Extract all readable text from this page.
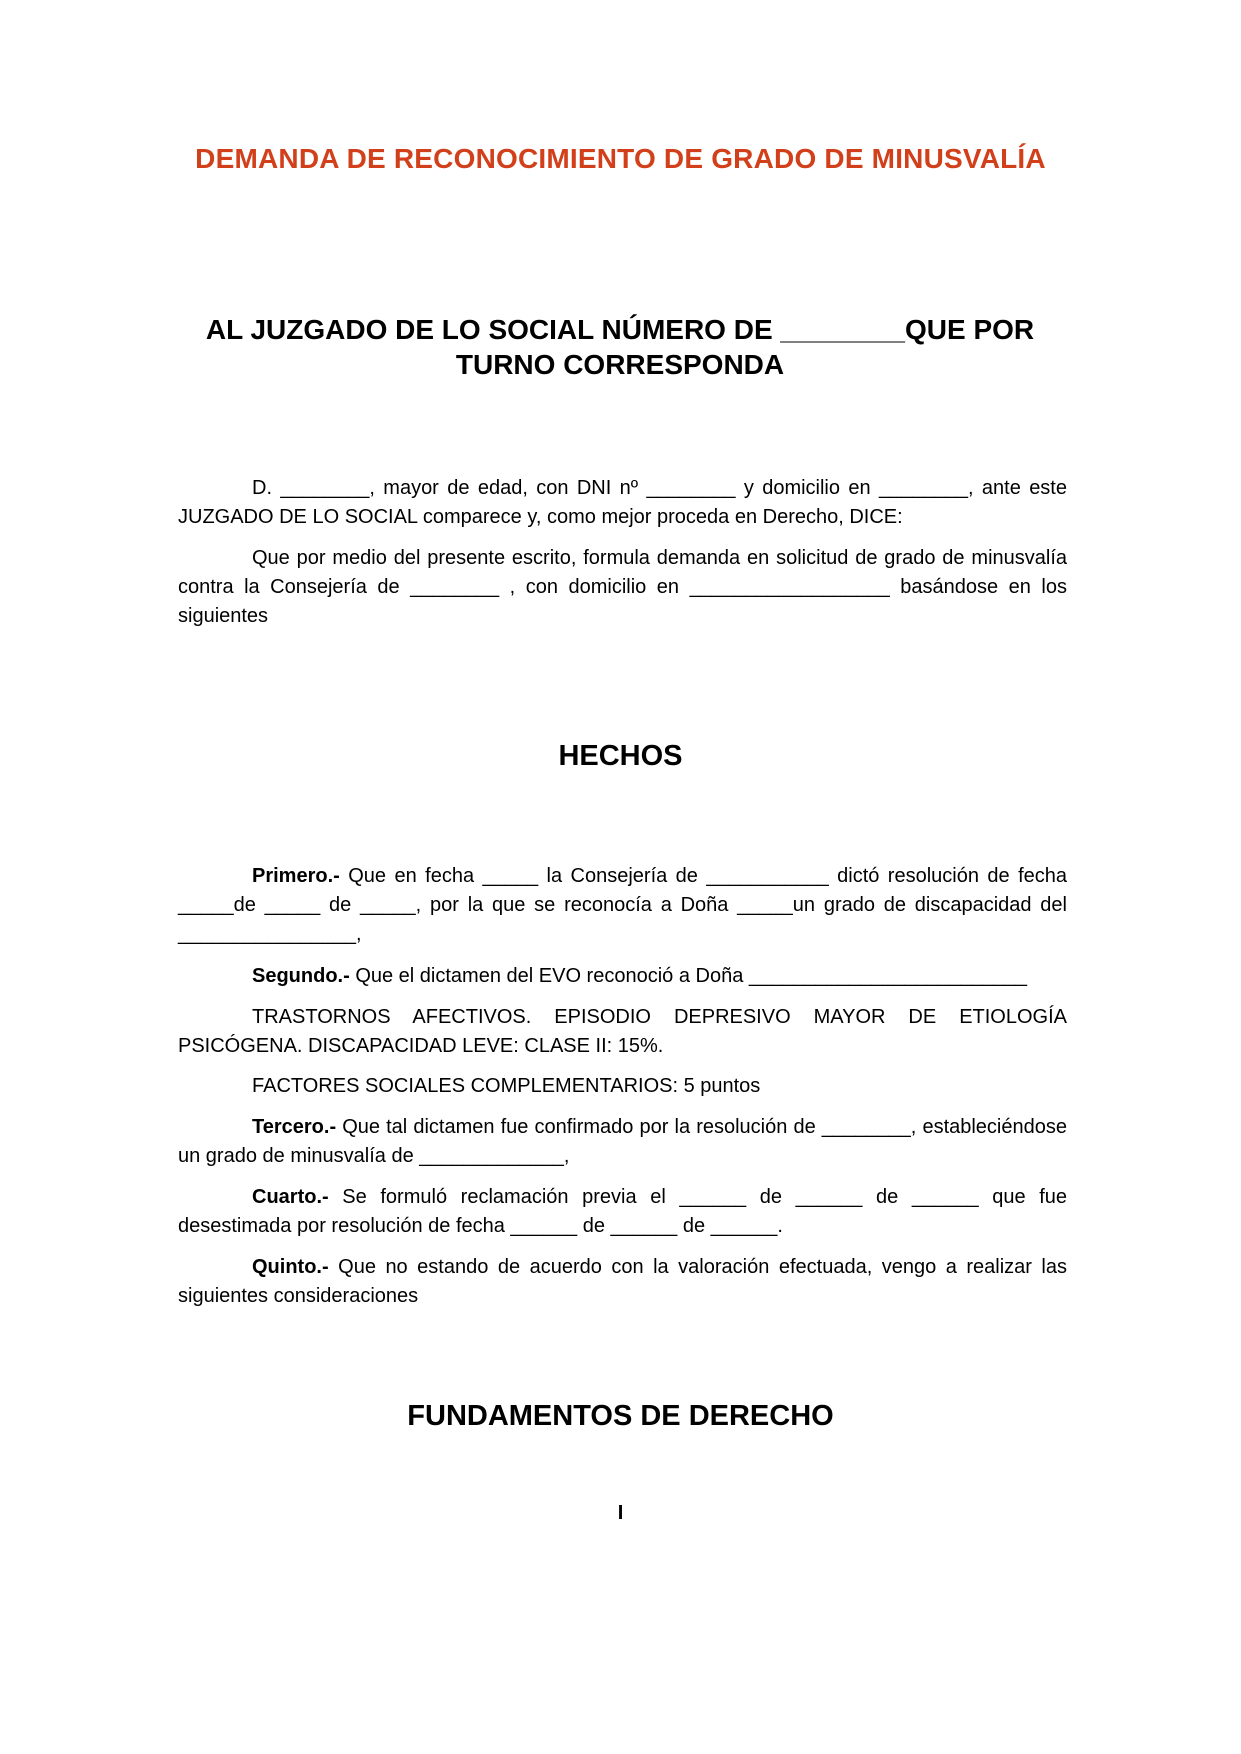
DEMANDA DE RECONOCIMIENTO DE GRADO DE MINUSVALÍA
AL JUZGADO DE LO SOCIAL NÚMERO DE ________QUE POR TURNO CORRESPONDA

D. ________, mayor de edad, con DNI nº ________ y domicilio en ________, ante este JUZGADO DE LO SOCIAL comparece y, como mejor proceda en Derecho, DICE:

Que por medio del presente escrito, formula demanda en solicitud de grado de minusvalía contra la Consejería de ________ , con domicilio en __________________ basándose en los siguientes

HECHOS

Primero.- Que en fecha _____ la Consejería de ___________ dictó resolución de fecha _____de _____ de _____, por la que se reconocía a Doña _____un grado de discapacidad del ________________,

Segundo.- Que el dictamen del EVO reconoció a Doña _________________________

TRASTORNOS AFECTIVOS. EPISODIO DEPRESIVO MAYOR DE ETIOLOGÍA PSICÓGENA. DISCAPACIDAD LEVE: CLASE II: 15%.

FACTORES SOCIALES COMPLEMENTARIOS: 5 puntos

Tercero.- Que tal dictamen fue confirmado por la resolución de ________, estableciéndose un grado de minusvalía de _____________,

Cuarto.- Se formuló reclamación previa el ______ de ______ de ______ que fue desestimada por resolución de fecha ______ de ______ de ______.

Quinto.- Que no estando de acuerdo con la valoración efectuada, vengo a realizar las siguientes consideraciones

FUNDAMENTOS DE DERECHO
I
